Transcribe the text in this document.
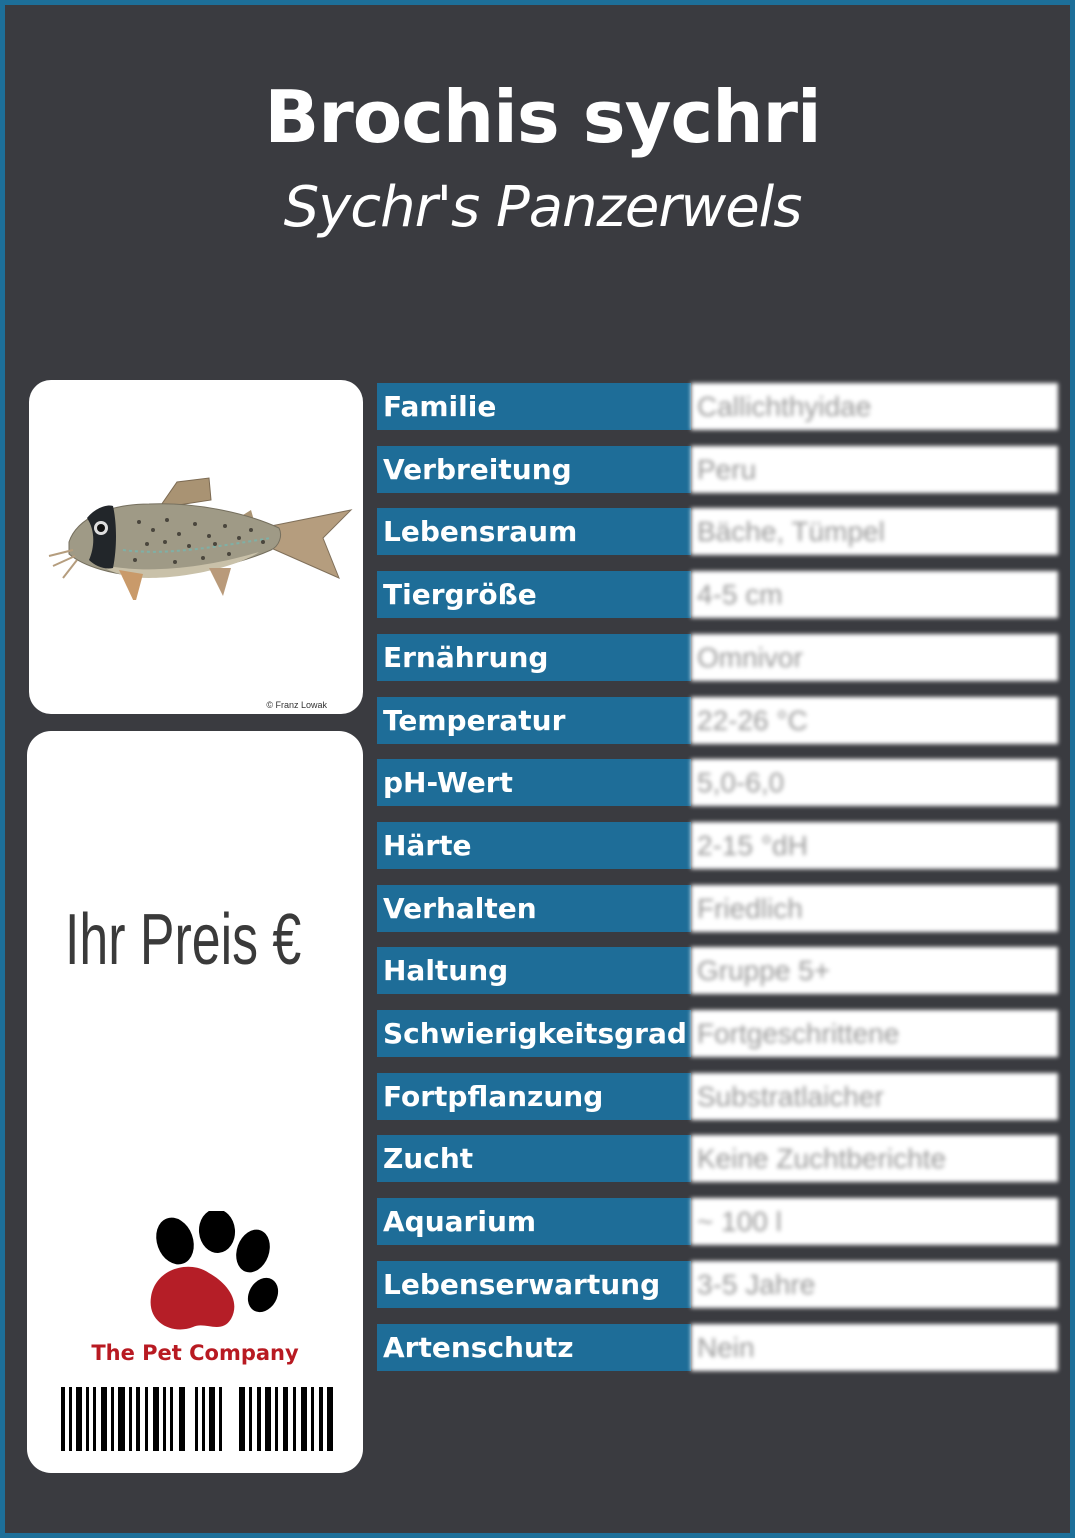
Brochis sychri
Sychr's Panzerwels
© Franz Lowak
Ihr Preis €
The Pet Company
Familie	Callichthyidae
Verbreitung	Peru
Lebensraum	Bäche, Tümpel
Tiergröße	4-5 cm
Ernährung	Omnivor
Temperatur	22-26 °C
pH-Wert	5,0-6,0
Härte	2-15 °dH
Verhalten	Friedlich
Haltung	Gruppe 5+
Schwierigkeitsgrad Fortgeschrittene
Fortpflanzung	Substratlaicher
Zucht	Keine Zuchtberichte
Aquarium	~ 100 l
Lebenserwartung	3-5 Jahre
Artenschutz	Nein
